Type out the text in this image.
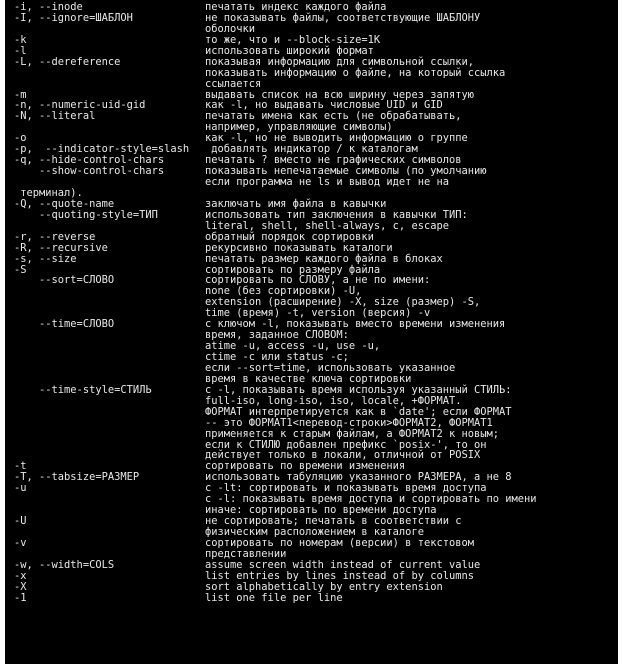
-i, --inode	печатать индекс каждого файла
-I, --ignore=ШАБЛОН	не показывать файлы, соответствующие ШАБЛОНУ
оболочки
-k	то же, что и --block-size=1K
-l	использовать широкий формат
-L, --dereference	показывая информацию для символьной ссылки,
показывать информацию о файле, на который ссылка
ссылается
-m	выдавать список на всю ширину через запятую
-n, --numeric-uid-gid	как -l, но выдавать числовые UID и GID
-N, --literal	печатать имена как есть (не обрабатывать,
например, управляющие символы)
-o	как -l, но не выводить информацию о группе
-p,  --indicator-style=slash добавлять индикатор / к каталогам
-q, --hide-control-chars	печатать ? вместо не графических символов
--show-control-chars	показывать непечатаемые символы (по умолчанию
если программа не ls и вывод идет не на
терминал).
-Q, --quote-name	заключать имя файла в кавычки
--quoting-style=ТИП	использовать тип заключения в кавычки ТИП:
literal, shell, shell-always, c, escape
-r, --reverse	обратный порядок сортировки
-R, --recursive	рекурсивно показывать каталоги
-s, --size	печатать размер каждого файла в блоках
-S	сортировать по размеру файла
--sort=СЛОВО	сортировать по СЛОВУ, а не по имени:
none (без сортировки) -U,
extension (расширение) -X, size (размер) -S,
time (время) -t, version (версия) -v
--time=СЛОВО	с ключом -l, показывать вместо времени изменения
время, заданное СЛОВОМ:
atime -u, access -u, use -u,
ctime -c или status -c;
если --sort=time, использовать указанное
время в качестве ключа сортировки
--time-style=СТИЛЬ	с -l, показывать время используя указанный СТИЛЬ:
full-iso, long-iso, iso, locale, +ФОРМАТ.
ФОРМАТ интерпретируется как в `date'; если ФОРМАТ
-- это ФОРМАТ1<перевод-строки>ФОРМАТ2, ФОРМАТ1
применяется к старым файлам, а ФОРМАТ2 к новым;
если к СТИЛЮ добавлен префикс `posix-', то он
действует только в локали, отличной от POSIX
-t	сортировать по времени изменения
-T, --tabsize=РАЗМЕР	использовать табуляцию указанного РАЗМЕРА, а не 8
-u	с -lt: сортировать и показывать время доступа
с -l: показывать время доступа и сортировать по имени
иначе: сортировать по времени доступа
-U	не сортировать; печатать в соответствии с
физическим расположением в каталоге
-v	сортировать по номерам (версии) в текстовом
представлении
-w, --width=COLS	assume screen width instead of current value
-x	list entries by lines instead of by columns
-X	sort alphabetically by entry extension
-1	list one file per line
